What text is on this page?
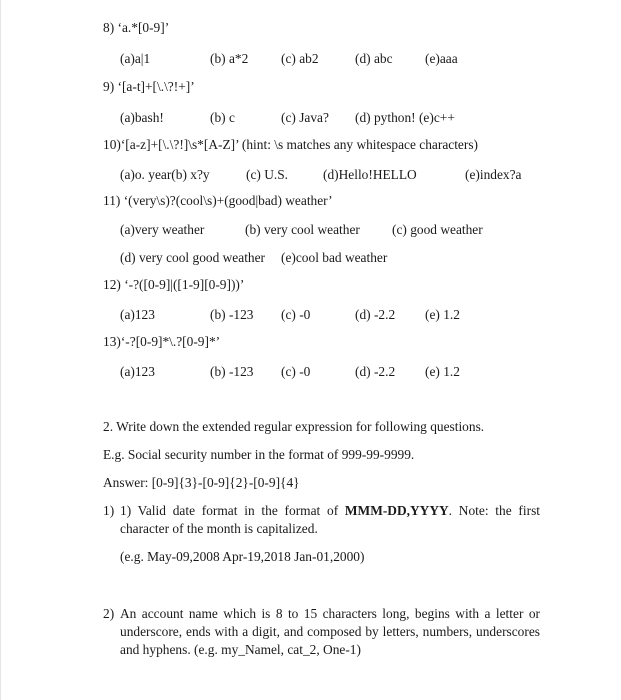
8) ‘a.*[0-9]’
(a)a|1	(b) a*2 (c) ab2	(d) abc (e)aaa
9) ‘[a-t]+[\.\?!+]’
(a)bash!	(b) c	(c) Java? (d) python! (e)c++
10)‘[a-z]+[\.\?!]\s*[A-Z]’ (hint: \s matches any whitespace characters)
(a)o. year(b) x?y	(c) U.S.	(d)Hello!HELLO	(e)index?a
11) ‘(very\s)?(cool\s)+(good|bad) weather’
(a)very weather	(b) very cool weather (c) good weather
(d) very cool good weather (e)cool bad weather
12) ‘-?([0-9]|([1-9][0-9]))’
(a)123	(b) -123 (c) -0	(d) -2.2 (e) 1.2
13)‘-?[0-9]*\.?[0-9]*’
(a)123	(b) -123 (c) -0	(d) -2.2 (e) 1.2
2. Write down the extended regular expression for following questions.
E.g. Social security number in the format of 999-99-9999.
Answer: [0-9]{3}-[0-9]{2}-[0-9]{4}
1) 1) Valid date format in the format of MMM-DD,YYYY. Note: the first character of the month is capitalized.
(e.g. May-09,2008 Apr-19,2018 Jan-01,2000)
2) An account name which is 8 to 15 characters long, begins with a letter or underscore, ends with a digit, and composed by letters, numbers, underscores and hyphens. (e.g. my_Namel, cat_2, One-1)
